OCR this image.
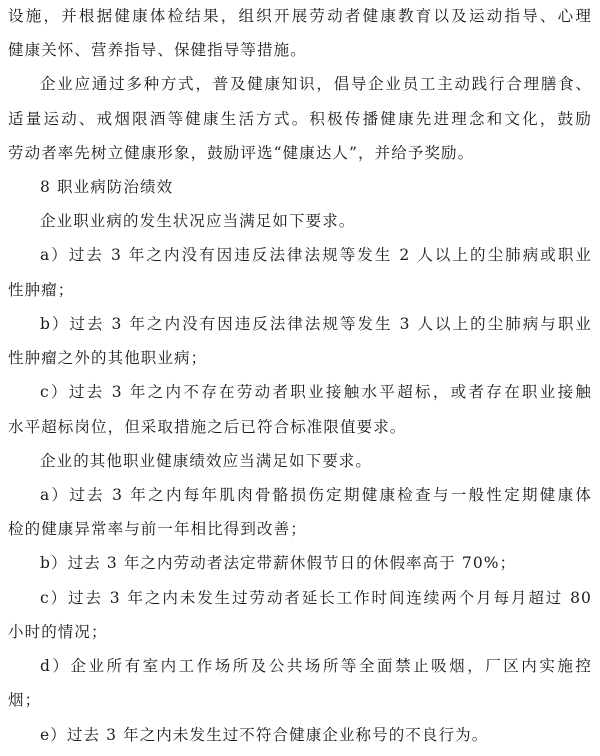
设施，并根据健康体检结果，组织开展劳动者健康教育以及运动指导、心理
健康关怀、营养指导、保健指导等措施。
企业应通过多种方式，普及健康知识，倡导企业员工主动践行合理膳食、
适量运动、戒烟限酒等健康生活方式。积极传播健康先进理念和文化，鼓励
劳动者率先树立健康形象，鼓励评选“健康达人”，并给予奖励。
8 职业病防治绩效
企业职业病的发生状况应当满足如下要求。
a）过去 3 年之内没有因违反法律法规等发生 2 人以上的尘肺病或职业
性肿瘤；
b）过去 3 年之内没有因违反法律法规等发生 3 人以上的尘肺病与职业
性肿瘤之外的其他职业病；
c）过去 3 年之内不存在劳动者职业接触水平超标，或者存在职业接触
水平超标岗位，但采取措施之后已符合标准限值要求。
企业的其他职业健康绩效应当满足如下要求。
a）过去 3 年之内每年肌肉骨骼损伤定期健康检查与一般性定期健康体
检的健康异常率与前一年相比得到改善；
b）过去 3 年之内劳动者法定带薪休假节日的休假率高于 70%；
c）过去 3 年之内未发生过劳动者延长工作时间连续两个月每月超过 80
小时的情况；
d）企业所有室内工作场所及公共场所等全面禁止吸烟，厂区内实施控
烟；
e）过去 3 年之内未发生过不符合健康企业称号的不良行为。
